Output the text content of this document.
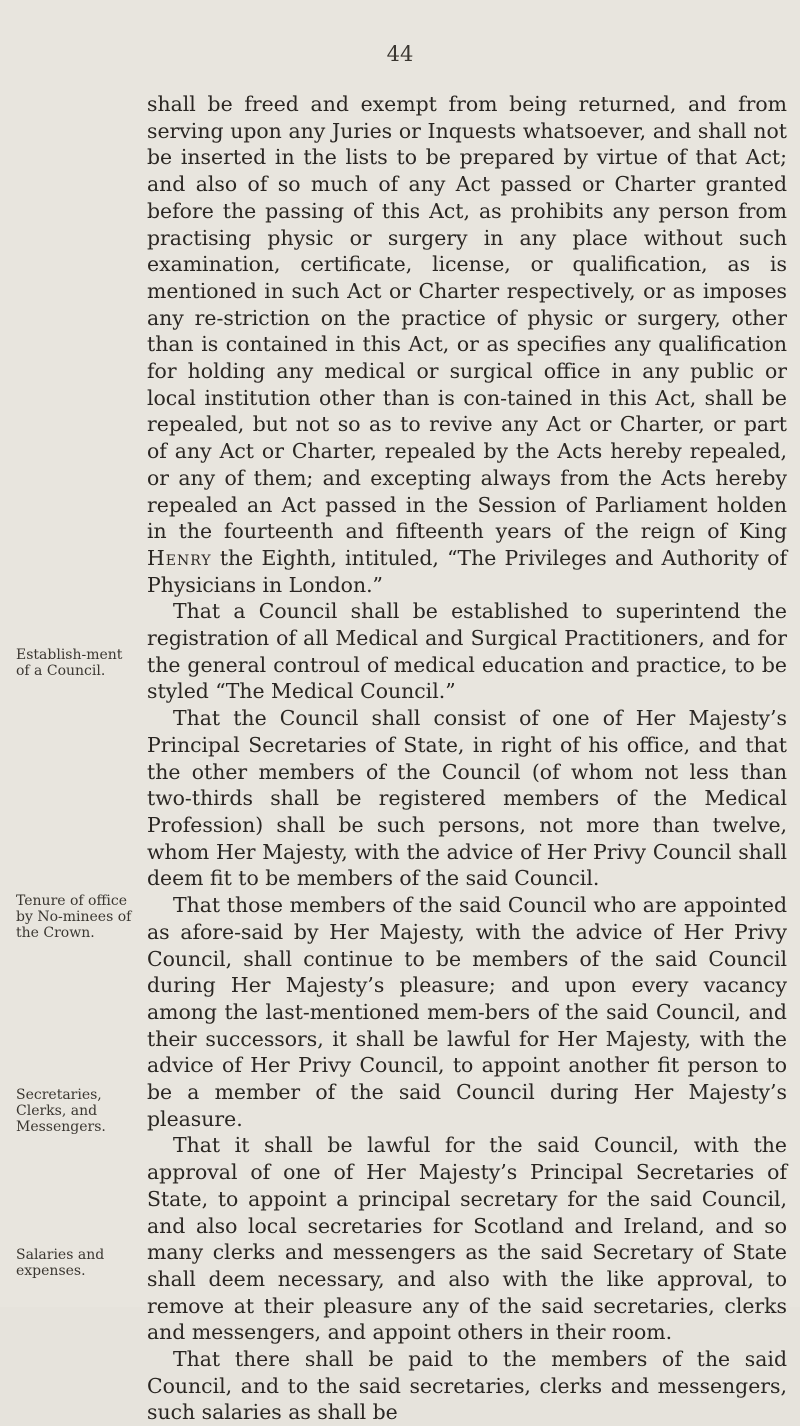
44
Establish-ment of a Council.
Tenure of office by No-minees of the Crown.
Secretaries, Clerks, and Messengers.
Salaries and expenses.

shall be freed and exempt from being returned, and from serving upon any Juries or Inquests whatsoever, and shall not be inserted in the lists to be prepared by virtue of that Act; and also of so much of any Act passed or Charter granted before the passing of this Act, as prohibits any person from practising physic or surgery in any place without such examination, certificate, license, or qualification, as is mentioned in such Act or Charter respectively, or as imposes any re-striction on the practice of physic or surgery, other than is contained in this Act, or as specifies any qualification for holding any medical or surgical office in any public or local institution other than is con-tained in this Act, shall be repealed, but not so as to revive any Act or Charter, or part of any Act or Charter, repealed by the Acts hereby repealed, or any of them; and excepting always from the Acts hereby repealed an Act passed in the Session of Parliament holden in the fourteenth and fifteenth years of the reign of King Henry the Eighth, intituled, “The Privileges and Authority of Physicians in London.”

That a Council shall be established to superintend the registration of all Medical and Surgical Practitioners, and for the general controul of medical education and practice, to be styled “The Medical Council.”

That the Council shall consist of one of Her Majesty’s Principal Secretaries of State, in right of his office, and that the other members of the Council (of whom not less than two-thirds shall be registered members of the Medical Profession) shall be such persons, not more than twelve, whom Her Majesty, with the advice of Her Privy Council shall deem fit to be members of the said Council.

That those members of the said Council who are appointed as afore-said by Her Majesty, with the advice of Her Privy Council, shall continue to be members of the said Council during Her Majesty’s pleasure; and upon every vacancy among the last-mentioned mem-bers of the said Council, and their successors, it shall be lawful for Her Majesty, with the advice of Her Privy Council, to appoint another fit person to be a member of the said Council during Her Majesty’s pleasure.

That it shall be lawful for the said Council, with the approval of one of Her Majesty’s Principal Secretaries of State, to appoint a principal secretary for the said Council, and also local secretaries for Scotland and Ireland, and so many clerks and messengers as the said Secretary of State shall deem necessary, and also with the like approval, to remove at their pleasure any of the said secretaries, clerks and messengers, and appoint others in their room.

That there shall be paid to the members of the said Council, and to the said secretaries, clerks and messengers, such salaries as shall be
